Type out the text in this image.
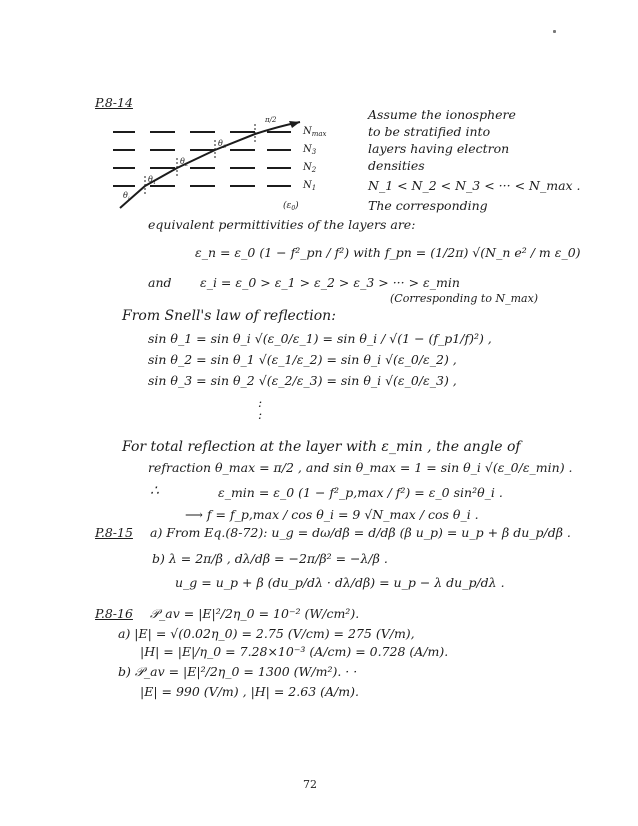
P.8-14
θ i
θ 1
θ 2
θ 3
π/2
$N_{max}$
$N_3$
$N_2$
$N_1$
$(\varepsilon_0)$
Assume the ionosphere
to be stratified into
layers having electron
densities
N_1 < N_2 < N_3 < ··· < N_max .
The corresponding
equivalent permittivities of the layers are:
ε_n = ε_0 (1 − f²_pn / f²) with f_pn = (1/2π) √(N_n e² / m ε_0)
and ε_i = ε_0 > ε_1 > ε_2 > ε_3 > ··· > ε_min
(Corresponding to N_max)
From Snell's law of reflection:
sin θ_1 = sin θ_i √(ε_0/ε_1) = sin θ_i / √(1 − (f_p1/f)²) ,
sin θ_2 = sin θ_1 √(ε_1/ε_2) = sin θ_i √(ε_0/ε_2) ,
sin θ_3 = sin θ_2 √(ε_2/ε_3) = sin θ_i √(ε_0/ε_3) ,
:
:
For total reflection at the layer with ε_min , the angle of
refraction θ_max = π/2 , and sin θ_max = 1 = sin θ_i √(ε_0/ε_min) .
∴	ε_min = ε_0 (1 − f²_p,max / f²) = ε_0 sin²θ_i .
⟶ f = f_p,max / cos θ_i = 9 √N_max / cos θ_i .
P.8-15 a) From Eq.(8-72): u_g = dω/dβ = d/dβ (β u_p) = u_p + β du_p/dβ .
b) λ = 2π/β , dλ/dβ = −2π/β² = −λ/β .
u_g = u_p + β (du_p/dλ · dλ/dβ) = u_p − λ du_p/dλ .
P.8-16 𝒫_av = |E|²/2η_0 = 10⁻² (W/cm²).
a) |E| = √(0.02η_0) = 2.75 (V/cm) = 275 (V/m),
|H| = |E|/η_0 = 7.28×10⁻³ (A/cm) = 0.728 (A/m).
b) 𝒫_av = |E|²/2η_0 = 1300 (W/m²). · ·
|E| = 990 (V/m) , |H| = 2.63 (A/m).
72
